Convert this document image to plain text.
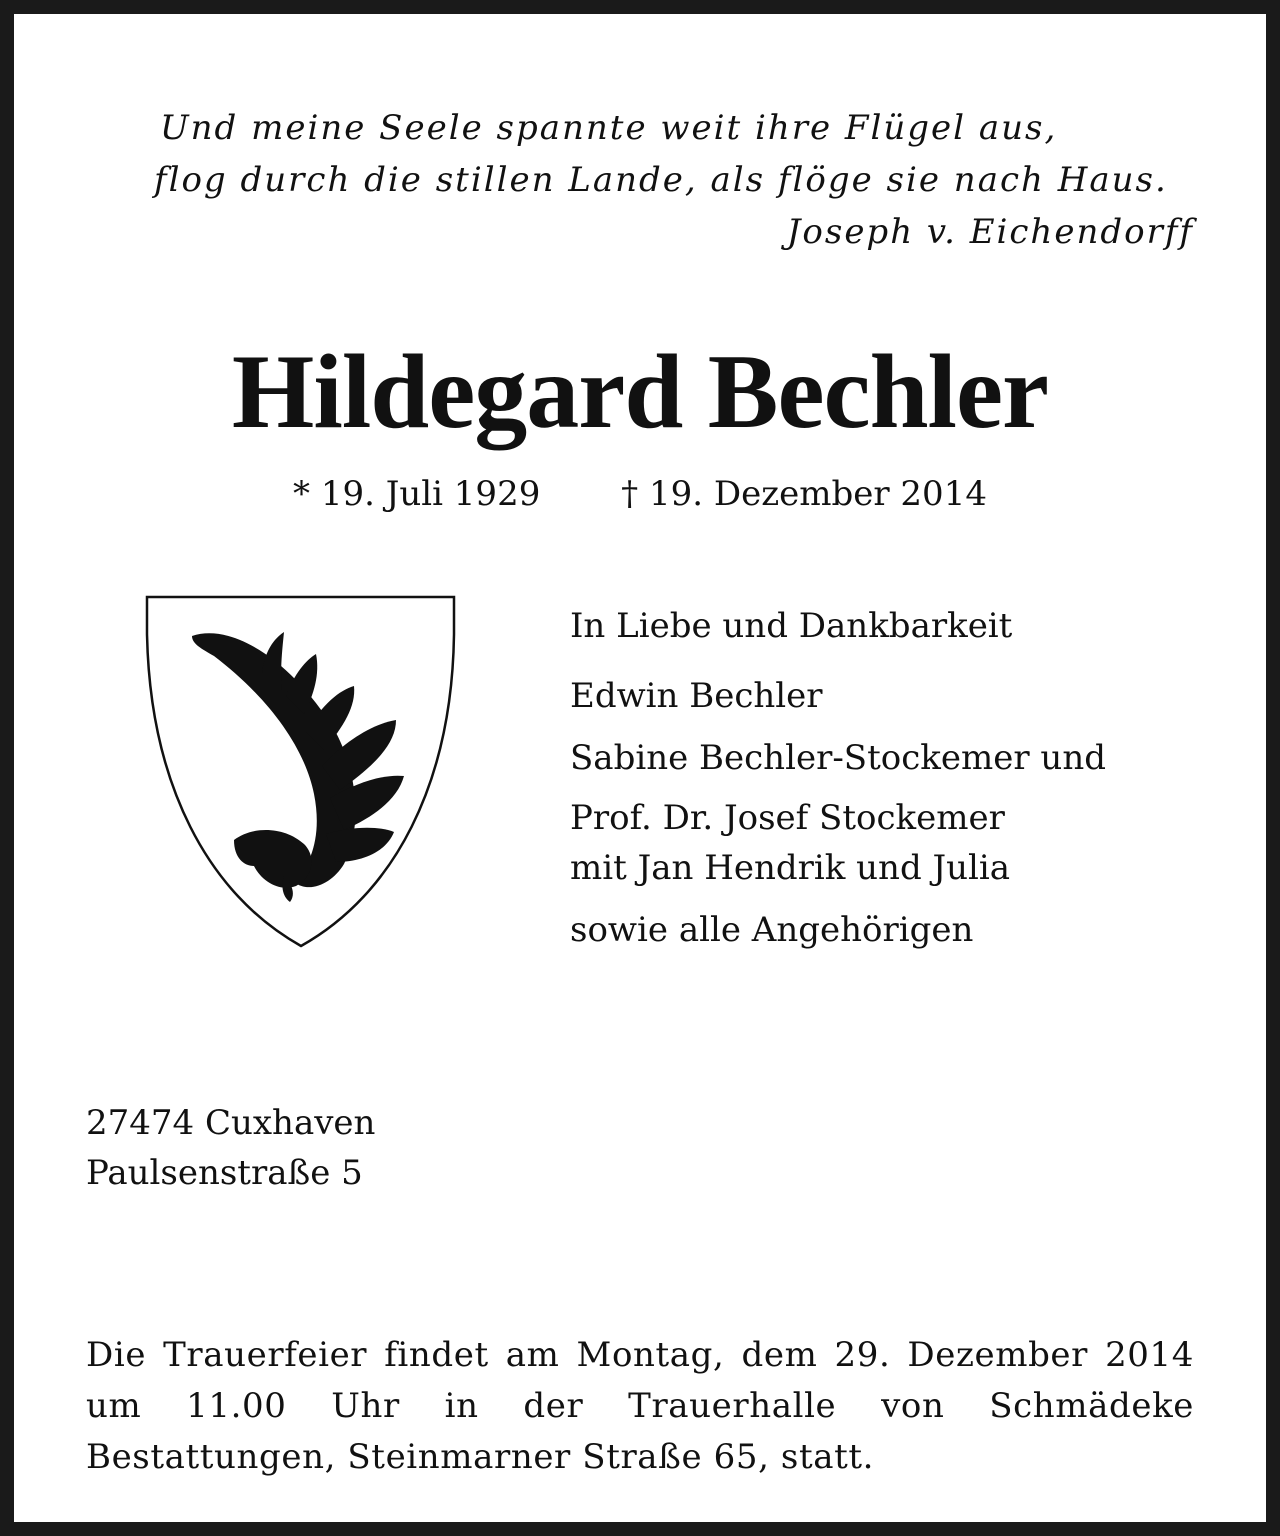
Und meine Seele spannte weit ihre Flügel aus,
flog durch die stillen Lande, als flöge sie nach Haus.
Joseph v. Eichendorff
Hildegard Bechler
* 19. Juli 1929 † 19. Dezember 2014
In Liebe und Dankbarkeit
Edwin Bechler
Sabine Bechler-Stockemer und
Prof. Dr. Josef Stockemer
mit Jan Hendrik und Julia
sowie alle Angehörigen
27474 Cuxhaven
Paulsenstraße 5
Die Trauerfeier findet am Montag, dem 29. Dezember 2014 um 11.00 Uhr in der Trauerhalle von Schmädeke Bestattungen, Steinmarner Straße 65, statt.
